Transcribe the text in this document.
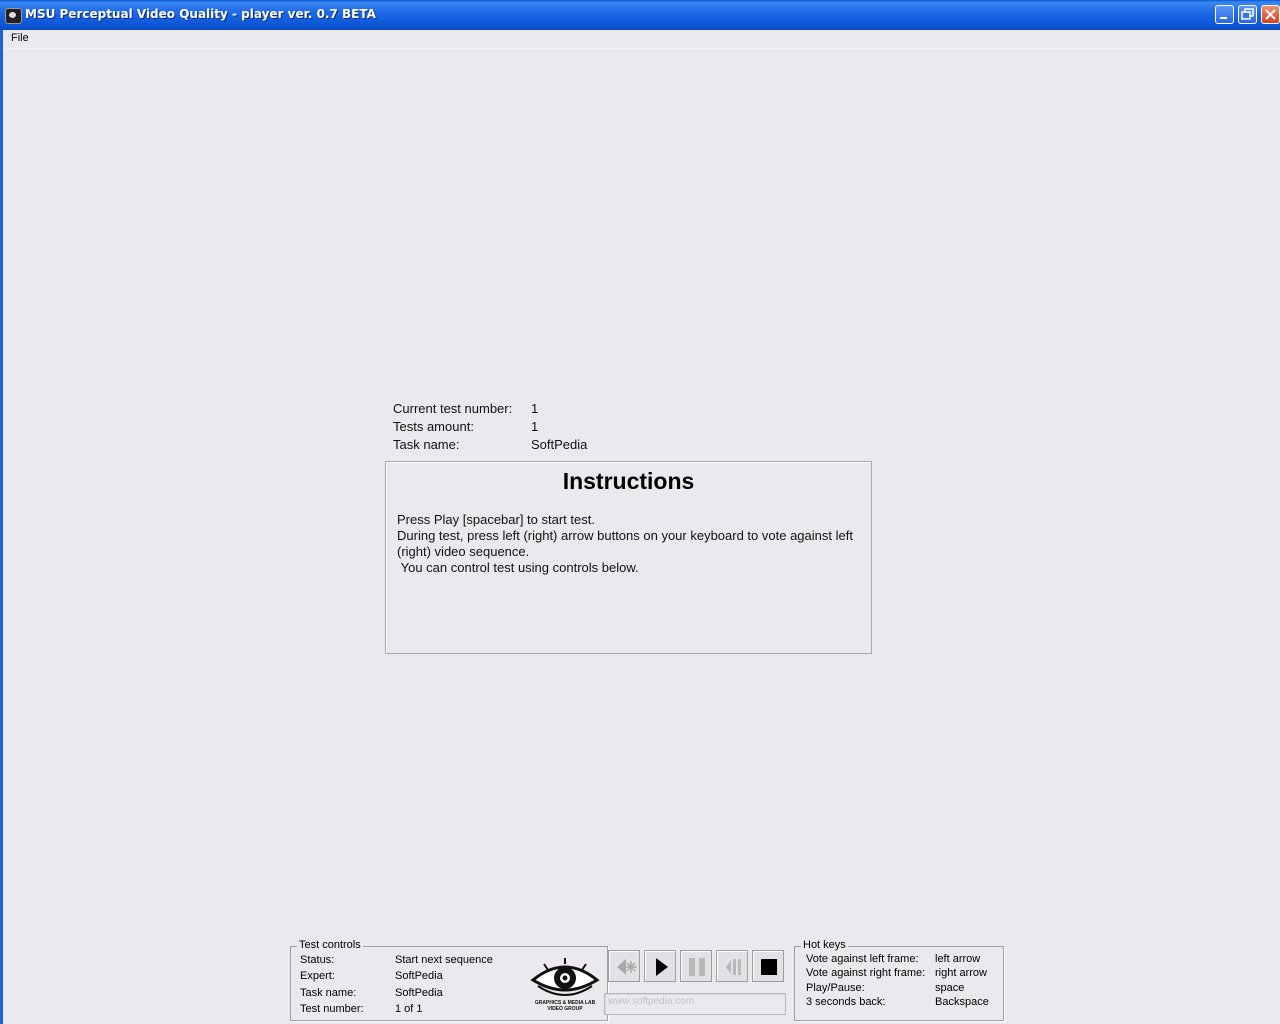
MSU Perceptual Video Quality - player ver. 0.7 BETA
File
Current test number: 1
Tests amount:	1
Task name:	SoftPedia
Instructions
Press Play [spacebar] to start test.
During test, press left (right) arrow buttons on your keyboard to vote against left (right) video sequence.
You can control test using controls below.
Test controls
Status:	Start next sequence
Expert:	SoftPedia
Task name:	SoftPedia
Test number:	1 of 1	GRAPHICS & MEDIA LAB
VIDEO GROUP
www.softpedia.com
Hot keys
Vote against left frame: left arrow
Vote against right frame: right arrow
Play/Pause:	space
3 seconds back:	Backspace
